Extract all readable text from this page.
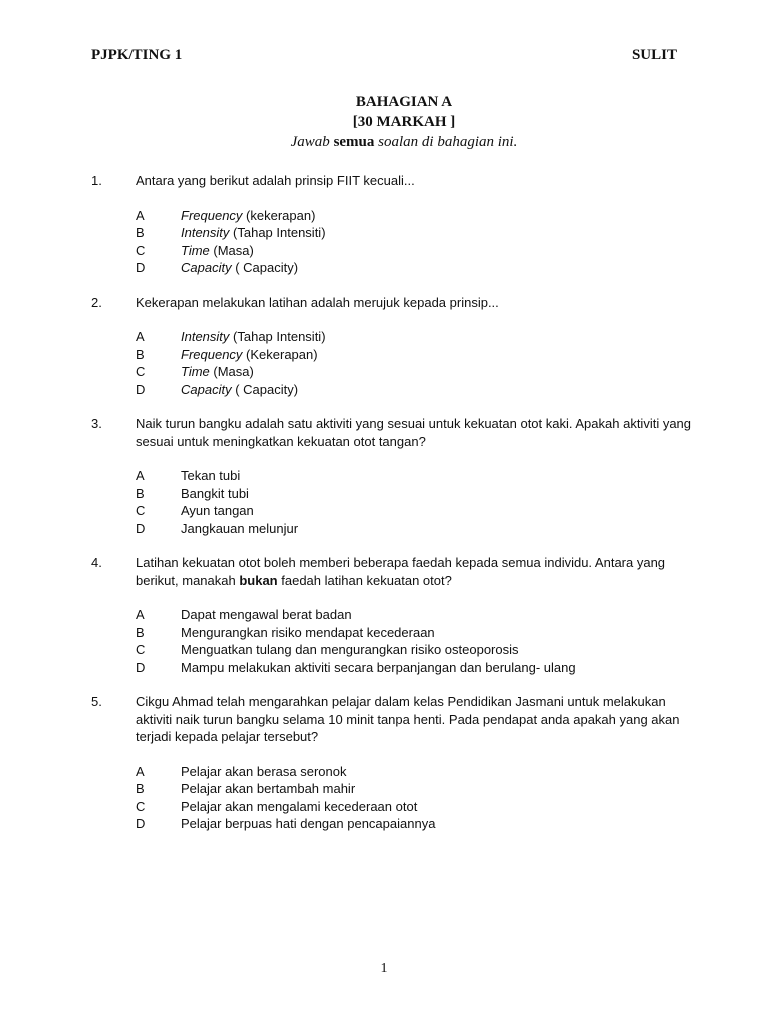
PJPK/TING 1	SULIT
BAHAGIAN A
[30 MARKAH ]
Jawab semua soalan di bahagian ini.
1.	Antara yang berikut adalah prinsip FIIT kecuali...
A	Frequency (kekerapan)
B	Intensity (Tahap Intensiti)
C	Time (Masa)
D	Capacity ( Capacity)
2.	Kekerapan melakukan latihan adalah merujuk kepada prinsip...
A	Intensity (Tahap Intensiti)
B	Frequency (Kekerapan)
C	Time (Masa)
D	Capacity ( Capacity)
3.	Naik turun bangku adalah satu aktiviti yang sesuai untuk kekuatan otot kaki. Apakah aktiviti yang sesuai untuk meningkatkan kekuatan otot tangan?
A	Tekan tubi
B	Bangkit tubi
C	Ayun tangan
D	Jangkauan melunjur
4.	Latihan kekuatan otot boleh memberi beberapa faedah kepada semua individu. Antara yang berikut, manakah bukan faedah latihan kekuatan otot?
A	Dapat mengawal berat badan
B	Mengurangkan risiko mendapat kecederaan
C	Menguatkan tulang dan mengurangkan risiko osteoporosis
D	Mampu melakukan aktiviti secara berpanjangan dan berulang- ulang
5.	Cikgu Ahmad telah mengarahkan pelajar dalam kelas Pendidikan Jasmani untuk melakukan
aktiviti naik turun bangku selama 10 minit tanpa henti. Pada pendapat anda apakah yang akan terjadi kepada pelajar tersebut?
A	Pelajar akan berasa seronok
B	Pelajar akan bertambah mahir
C	Pelajar akan mengalami kecederaan otot
D	Pelajar berpuas hati dengan pencapaiannya
1
